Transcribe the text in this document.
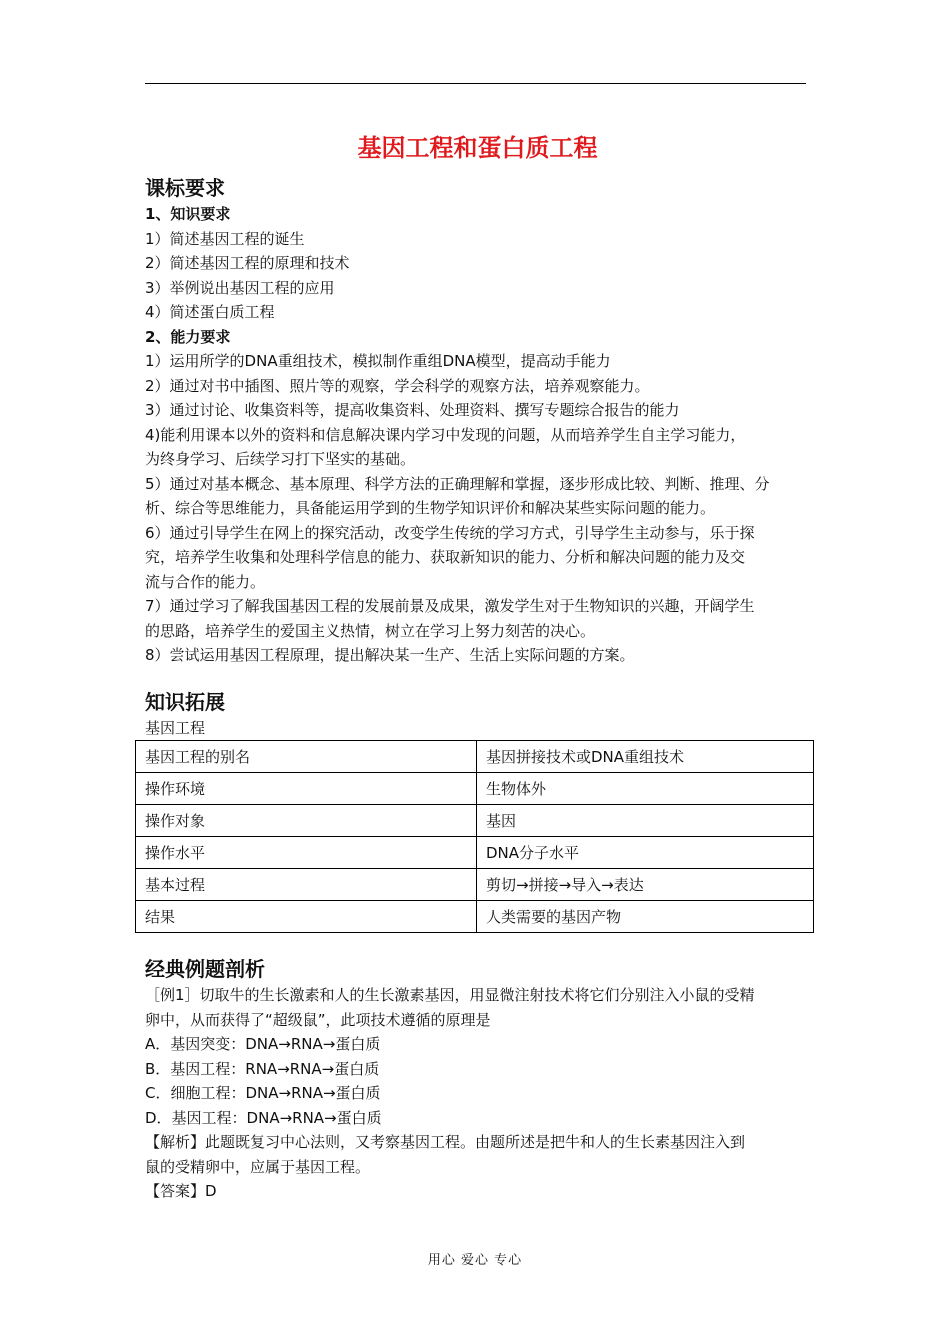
基因工程和蛋白质工程
课标要求
1、知识要求
1）简述基因工程的诞生
2）简述基因工程的原理和技术
3）举例说出基因工程的应用
4）简述蛋白质工程
2、能力要求
1）运用所学的DNA重组技术，模拟制作重组DNA模型，提高动手能力
2）通过对书中插图、照片等的观察，学会科学的观察方法，培养观察能力。
3）通过讨论、收集资料等，提高收集资料、处理资料、撰写专题综合报告的能力
4)能利用课本以外的资料和信息解决课内学习中发现的问题，从而培养学生自主学习能力，
为终身学习、后续学习打下坚实的基础。
5）通过对基本概念、基本原理、科学方法的正确理解和掌握，逐步形成比较、判断、推理、分
析、综合等思维能力，具备能运用学到的生物学知识评价和解决某些实际问题的能力。
6）通过引导学生在网上的探究活动，改变学生传统的学习方式，引导学生主动参与，乐于探
究，培养学生收集和处理科学信息的能力、获取新知识的能力、分析和解决问题的能力及交
流与合作的能力。
7）通过学习了解我国基因工程的发展前景及成果，激发学生对于生物知识的兴趣，开阔学生
的思路，培养学生的爱国主义热情，树立在学习上努力刻苦的决心。
8）尝试运用基因工程原理，提出解决某一生产、生活上实际问题的方案。
知识拓展
基因工程
基因工程的别名	基因拼接技术或DNA重组技术
操作环境	生物体外
操作对象	基因
操作水平	DNA分子水平
基本过程	剪切→拼接→导入→表达
结果	人类需要的基因产物
经典例题剖析
［例1］切取牛的生长激素和人的生长激素基因，用显微注射技术将它们分别注入小鼠的受精
卵中，从而获得了“超级鼠”，此项技术遵循的原理是
A．基因突变：DNA→RNA→蛋白质
B．基因工程：RNA→RNA→蛋白质
C．细胞工程：DNA→RNA→蛋白质
D．基因工程：DNA→RNA→蛋白质
【解析】此题既复习中心法则，又考察基因工程。由题所述是把牛和人的生长素基因注入到
鼠的受精卵中，应属于基因工程。
【答案】D
用心 爱心 专心
